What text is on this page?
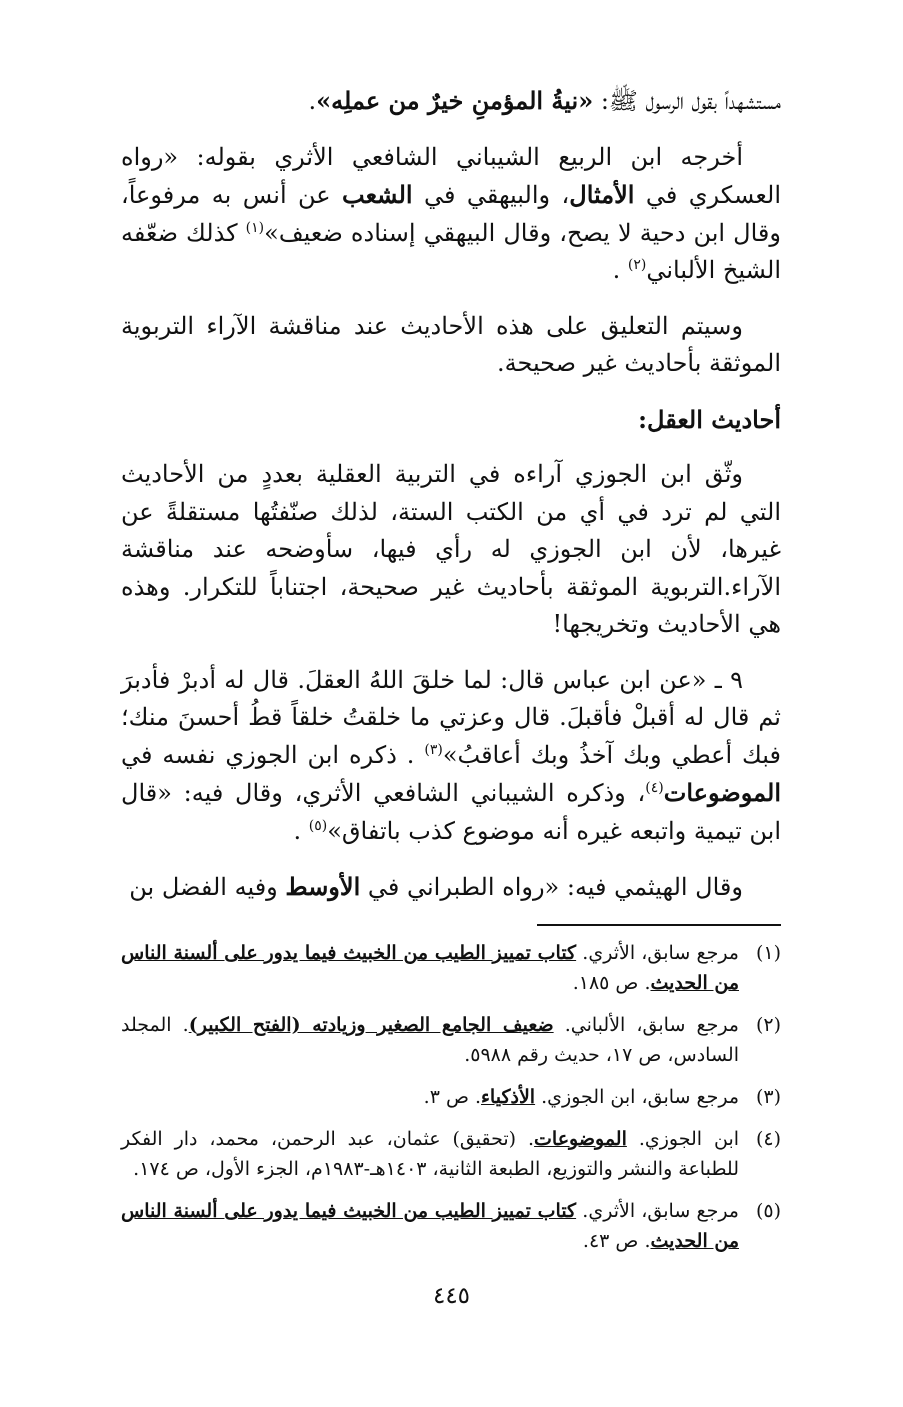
مستشهداً بقول الرسول ﷺ: «نيةُ المؤمنِ خيرٌ من عملِه».

أخرجه ابن الربيع الشيباني الشافعي الأثري بقوله: «رواه العسكري في الأمثال، والبيهقي في الشعب عن أنس به مرفوعاً، وقال ابن دحية لا يصح، وقال البيهقي إسناده ضعيف»$^{(١)}$ كذلك ضعّفه الشيخ الألباني$^{(٢)}$ .

وسيتم التعليق على هذه الأحاديث عند مناقشة الآراء التربوية الموثقة بأحاديث غير صحيحة.

أحاديث العقل:

وثّق ابن الجوزي آراءه في التربية العقلية بعددٍ من الأحاديث التي لم ترد في أي من الكتب الستة، لذلك صنّفتُها مستقلةً عن غيرها، لأن ابن الجوزي له رأي فيها، سأوضحه عند مناقشة الآراء.التربوية الموثقة بأحاديث غير صحيحة، اجتناباً للتكرار. وهذه هي الأحاديث وتخريجها!

٩ ـ «عن ابن عباس قال: لما خلقَ اللهُ العقلَ. قال له أدبرْ فأدبرَ ثم قال له أقبلْ فأقبلَ. قال وعزتي ما خلقتُ خلقاً قطُ أحسنَ منك؛ فبك أعطي وبك آخذُ وبك أعاقبُ»$^{(٣)}$ . ذكره ابن الجوزي نفسه في الموضوعات$^{(٤)}$، وذكره الشيباني الشافعي الأثري، وقال فيه: «قال ابن تيمية واتبعه غيره أنه موضوع كذب باتفاق»$^{(٥)}$ .

وقال الهيثمي فيه: «رواه الطبراني في الأوسط وفيه الفضل بن

(١)
مرجع سابق، الأثري. كتاب تمييز الطيب من الخبيث فيما يدور على ألسنة الناس من الحديث. ص ١٨٥.
(٢)
مرجع سابق، الألباني. ضعيف الجامع الصغير وزيادته (الفتح الكبير). المجلد السادس، ص ١٧، حديث رقم ٥٩٨٨.
(٣)
مرجع سابق، ابن الجوزي. الأذكياء. ص ٣.
(٤)
ابن الجوزي. الموضوعات. (تحقيق) عثمان، عبد الرحمن، محمد، دار الفكر للطباعة والنشر والتوزيع، الطبعة الثانية، ١٤٠٣هـ-١٩٨٣م، الجزء الأول، ص ١٧٤.
(٥)
مرجع سابق، الأثري. كتاب تمييز الطيب من الخبيث فيما يدور على ألسنة الناس من الحديث. ص ٤٣.
٤٤٥
